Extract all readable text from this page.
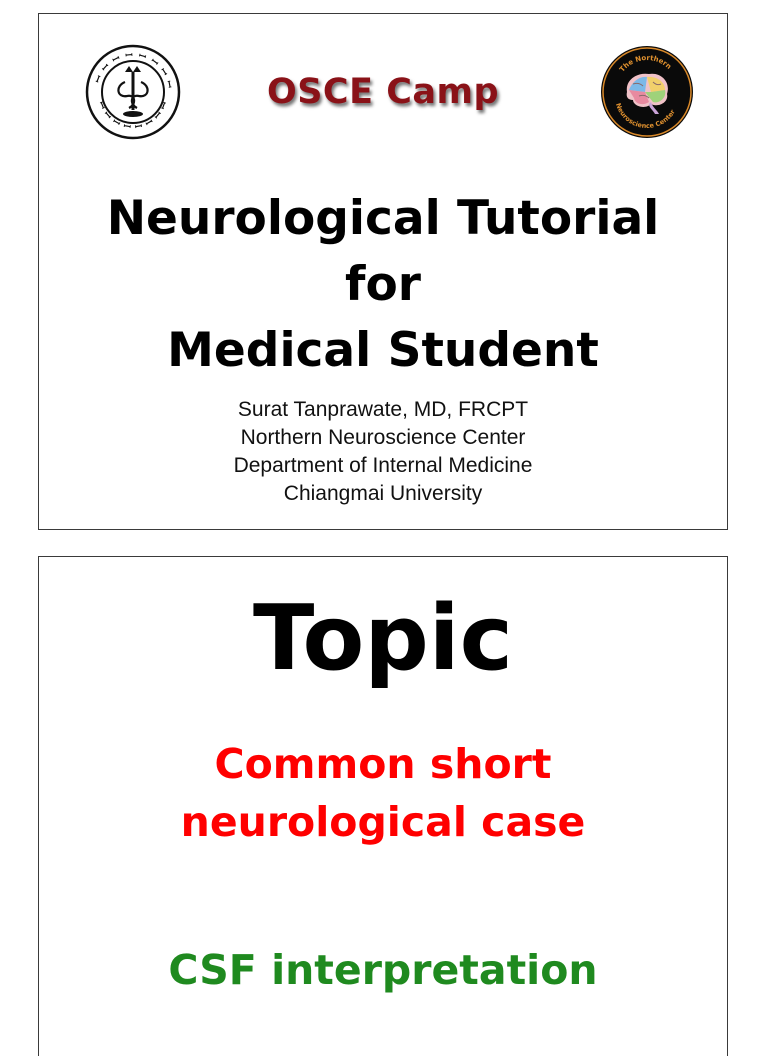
ꟷ ꟷ ꟷ ꟷ ꟷ ꟷ ꟷ ꟷ
ꟷ ꟷ ꟷ ꟷ ꟷ ꟷ ꟷ ꟷ	OSCE Camp
The Northern
Neuroscience Center
Neurological Tutorial
for
Medical Student
Surat Tanprawate, MD, FRCPT
Northern Neuroscience Center
Department of Internal Medicine
Chiangmai University
Topic
Common short
neurological case
CSF interpretation
